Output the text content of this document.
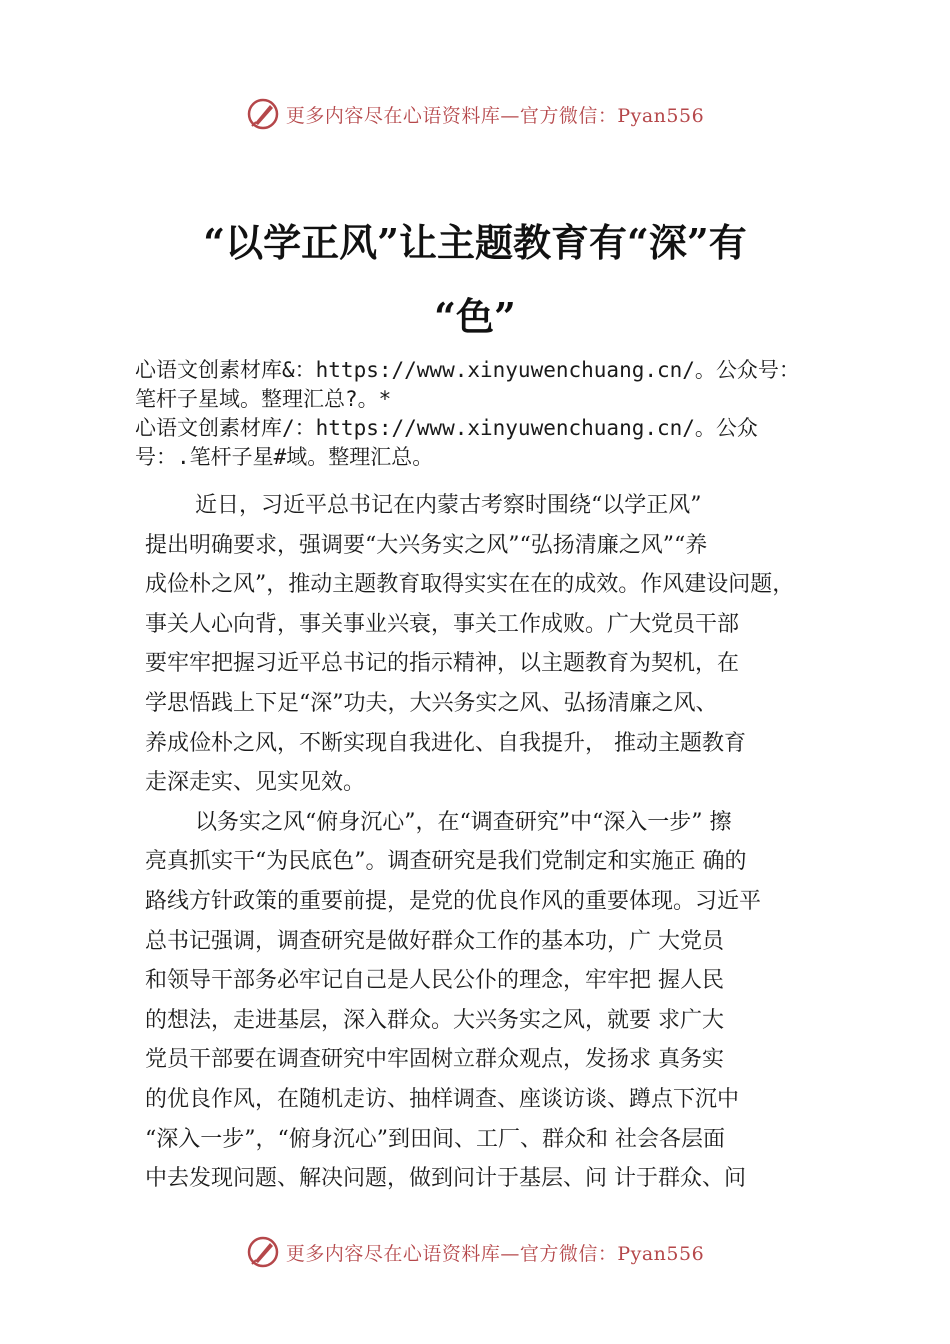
更多内容尽在心语资料库—官方微信：Pyan556
“以学正风”让主题教育有“深”有
“色”

心语文创素材库&：https://www.xinyuwenchuang.cn/。公众号：
笔杆子星域。整理汇总?。*

心语文创素材库/：https://www.xinyuwenchuang.cn/。公众
号：.笔杆子星#域。整理汇总。

近日，习近平总书记在内蒙古考察时围绕“以学正风”
提出明确要求，强调要“大兴务实之风”“弘扬清廉之风”“养
成俭朴之风”，推动主题教育取得实实在在的成效。作风建设问题，
事关人心向背，事关事业兴衰，事关工作成败。广大党员干部
要牢牢把握习近平总书记的指示精神，以主题教育为契机，在
学思悟践上下足“深”功夫，大兴务实之风、弘扬清廉之风、
养成俭朴之风，不断实现自我进化、自我提升， 推动主题教育
走深走实、见实见效。
以务实之风“俯身沉心”，在“调查研究”中“深入一步” 擦
亮真抓实干“为民底色”。调查研究是我们党制定和实施正 确的
路线方针政策的重要前提，是党的优良作风的重要体现。习近平
总书记强调，调查研究是做好群众工作的基本功，广 大党员
和领导干部务必牢记自己是人民公仆的理念，牢牢把 握人民
的想法，走进基层，深入群众。大兴务实之风，就要 求广大
党员干部要在调查研究中牢固树立群众观点，发扬求 真务实
的优良作风，在随机走访、抽样调查、座谈访谈、蹲点下沉中
“深入一步”，“俯身沉心”到田间、工厂、群众和 社会各层面
中去发现问题、解决问题，做到问计于基层、问 计于群众、问
更多内容尽在心语资料库—官方微信：Pyan556
